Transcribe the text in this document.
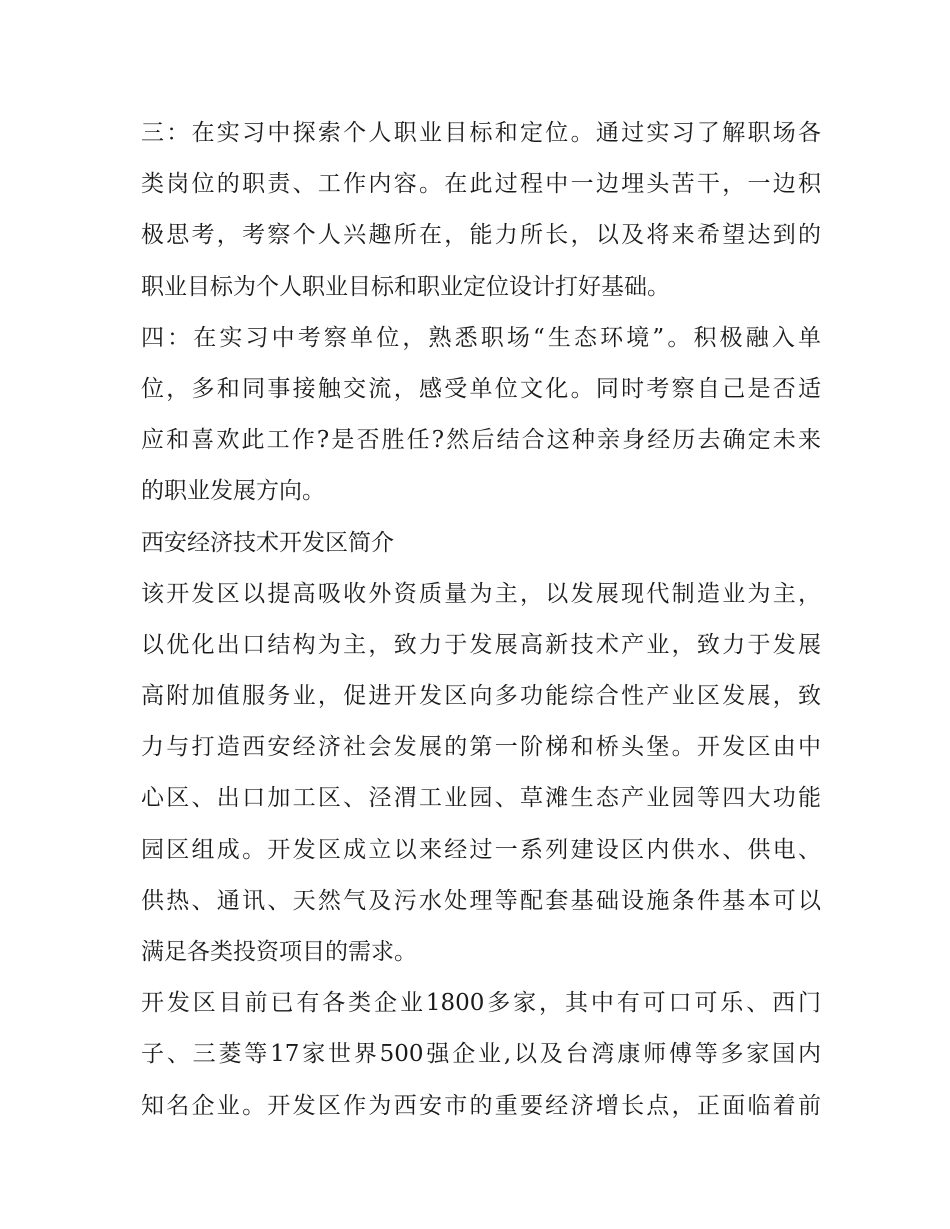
三：在实习中探索个人职业目标和定位。通过实习了解职场各
类岗位的职责、工作内容。在此过程中一边埋头苦干，一边积
极思考，考察个人兴趣所在，能力所长，以及将来希望达到的
职业目标为个人职业目标和职业定位设计打好基础。
四：在实习中考察单位，熟悉职场“生态环境”。积极融入单
位，多和同事接触交流，感受单位文化。同时考察自己是否适
应和喜欢此工作?是否胜任?然后结合这种亲身经历去确定未来
的职业发展方向。
西安经济技术开发区简介
该开发区以提高吸收外资质量为主，以发展现代制造业为主，
以优化出口结构为主，致力于发展高新技术产业，致力于发展
高附加值服务业，促进开发区向多功能综合性产业区发展，致
力与打造西安经济社会发展的第一阶梯和桥头堡。开发区由中
心区、出口加工区、泾渭工业园、草滩生态产业园等四大功能
园区组成。开发区成立以来经过一系列建设区内供水、供电、
供热、通讯、天然气及污水处理等配套基础设施条件基本可以
满足各类投资项目的需求。
开发区目前已有各类企业1800多家，其中有可口可乐、西门
子、三菱等17家世界500强企业,以及台湾康师傅等多家国内
知名企业。开发区作为西安市的重要经济增长点，正面临着前
